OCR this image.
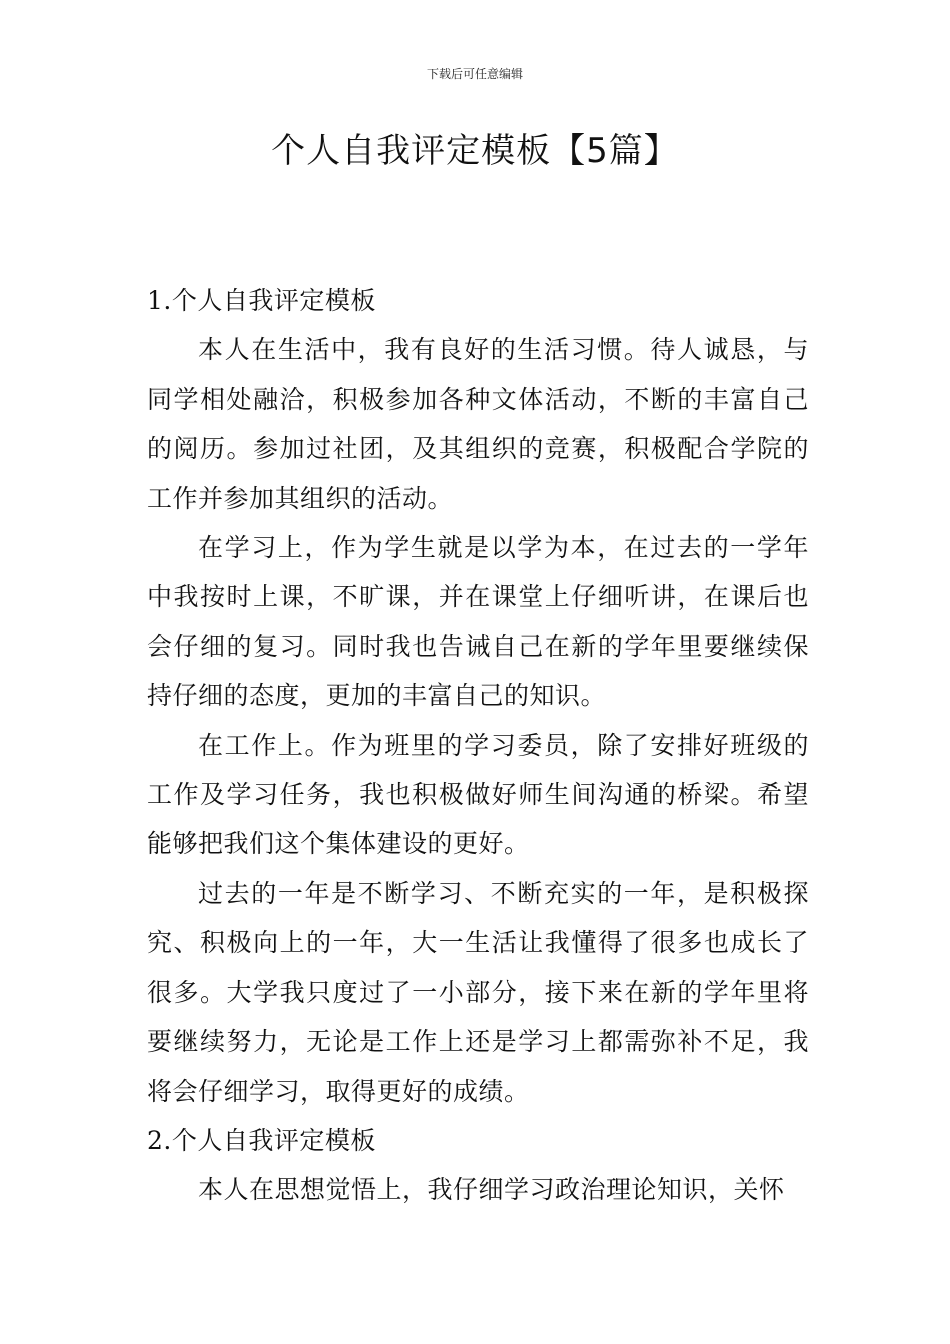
下载后可任意编辑
个人自我评定模板【5篇】

1.个人自我评定模板

本人在生活中，我有良好的生活习惯。待人诚恳，与同学相处融洽，积极参加各种文体活动，不断的丰富自己的阅历。参加过社团，及其组织的竞赛，积极配合学院的工作并参加其组织的活动。

在学习上，作为学生就是以学为本，在过去的一学年中我按时上课，不旷课，并在课堂上仔细听讲，在课后也会仔细的复习。同时我也告诫自己在新的学年里要继续保持仔细的态度，更加的丰富自己的知识。

在工作上。作为班里的学习委员，除了安排好班级的工作及学习任务，我也积极做好师生间沟通的桥梁。希望能够把我们这个集体建设的更好。

过去的一年是不断学习、不断充实的一年，是积极探究、积极向上的一年，大一生活让我懂得了很多也成长了很多。大学我只度过了一小部分，接下来在新的学年里将要继续努力，无论是工作上还是学习上都需弥补不足，我将会仔细学习，取得更好的成绩。

2.个人自我评定模板

本人在思想觉悟上，我仔细学习政治理论知识，关怀
